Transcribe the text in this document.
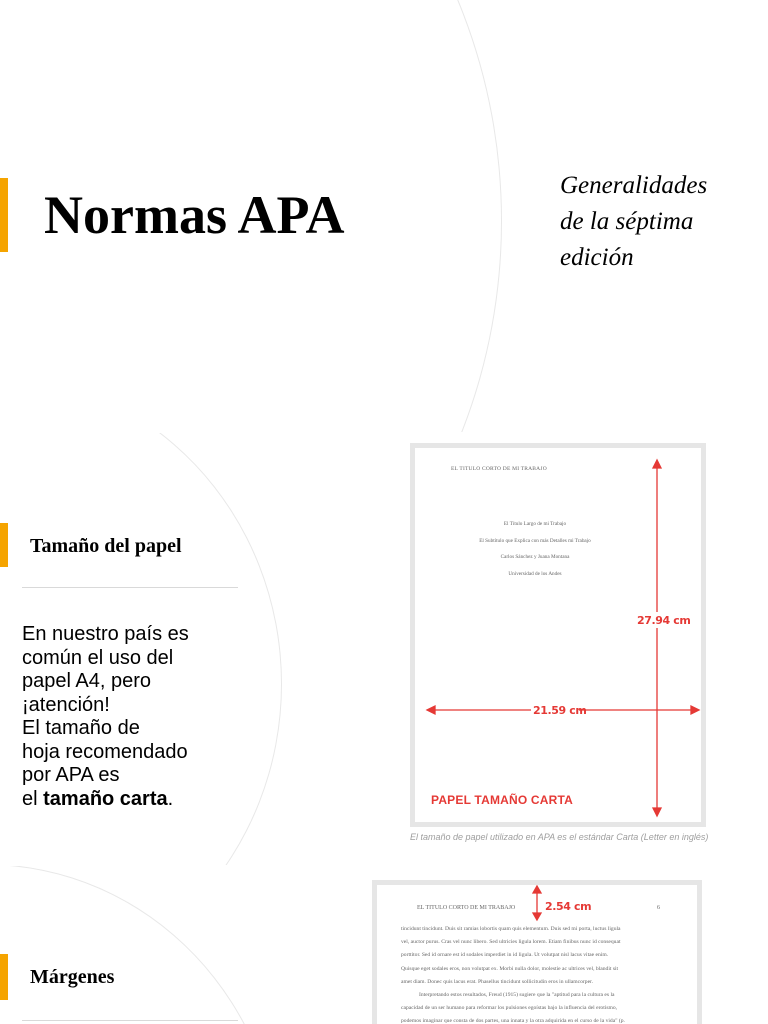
Normas APA	Generalidades
de la séptima
edición
Tamaño del papel

En nuestro país es

común el uso del

papel A4, pero

¡atención!

El tamaño de

hoja recomendado

por APA es

el tamaño carta.

EL TITULO CORTO DE MI TRABAJO
El Título Largo de mi Trabajo
El Subtítulo que Explica con más Detalles mi Trabajo
Carlos Sánchez y Juana Montana
Universidad de los Andes
27.94 cm
21.59 cm
PAPEL TAMAÑO CARTA
El tamaño de papel utilizado en APA es el estándar Carta (Letter en inglés)
Márgenes
EL TITULO CORTO DE MI TRABAJO	6
2.54 cm
tincidunt tincidunt. Duis sit ramias lobortis quam quis elementum. Duis sed mi porta, luctus ligula
vel, auctor purus. Cras vel nunc libero. Sed ultricies ligula lorem. Etiam finibus nunc id consequat
porttitor. Sed id ornare est id sodales imperdiet in id ligula. Ut volutpat nisl lacus vitae enim.
Quisque eget sodales eros, non volutpat ex. Morbi nulla dolor, molestie ac ultrices vel, blandit sit
amet diam. Donec quis lacus erat. Phasellus tincidunt sollicitudin eros in ullamcorper.
Interpretando estos resultados, Freud (1915) sugiere que la "aptitud para la cultura es la
capacidad de un ser humano para reformar los pulsiones egoístas bajo la influencia del erotismo,
podemos imaginar que consta de dos partes, una innata y la otra adquirida en el curso de la vida" (p.
